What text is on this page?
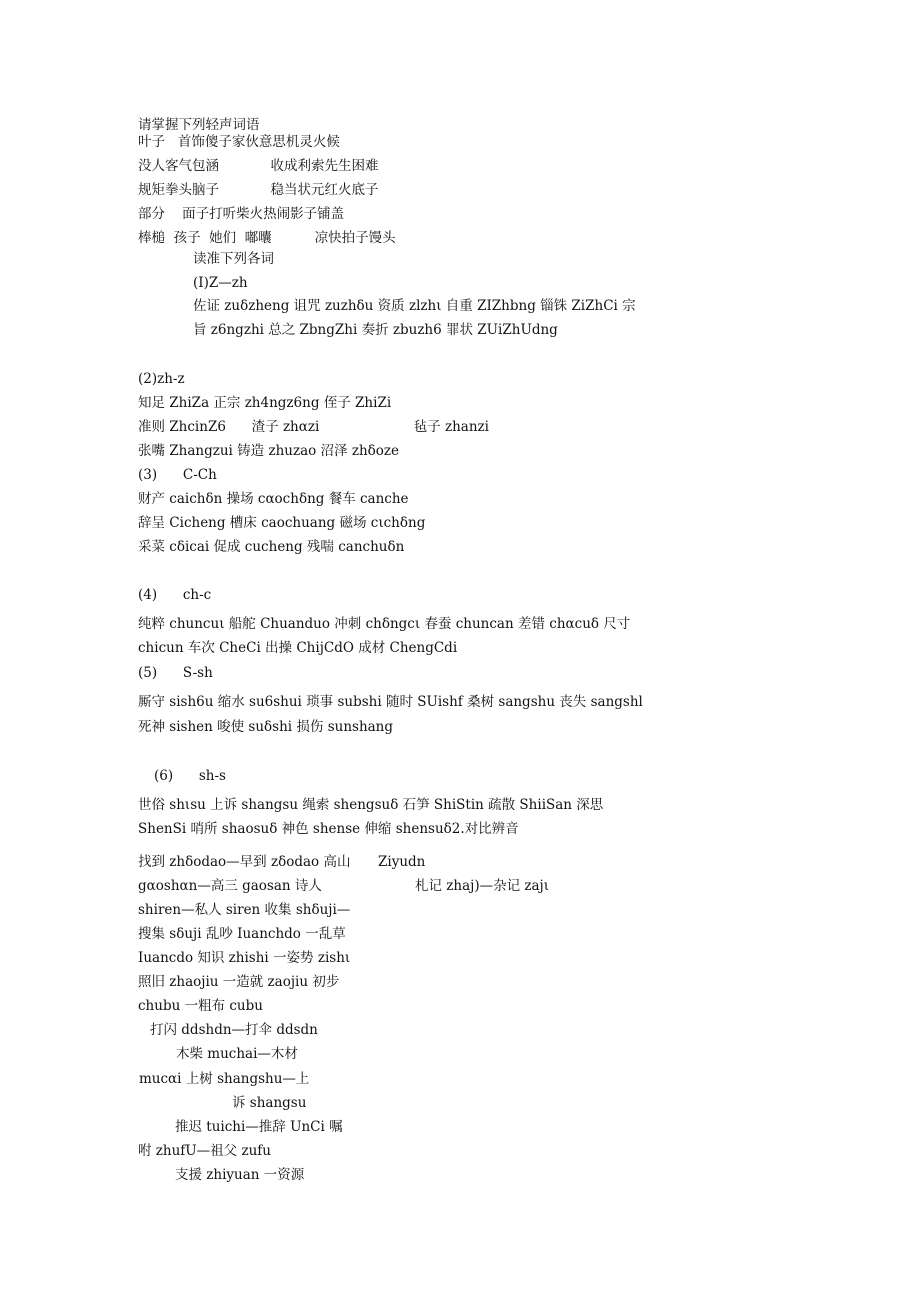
请掌握下列轻声词语
叶子   首饰傻子家伙意思机灵火候
没人客气包涵            收成利索先生困难
规矩拳头脑子            稳当状元红火底子
部分    面子打听柴火热闹影子铺盖
棒槌  孩子  她们  嘟囔          凉快拍子馒头
读准下列各词
(I)Z—zh
佐证 zuδzheng 诅咒 zuzhδu 资质 zlzhι 自重 ZIZhbng 锱铢 ZiZhCi 宗
旨 z6ngzhi 总之 ZbngZhi 奏折 zbuzh6 罪状 ZUiZhUdng
(2)zh-z
知足 ZhiZa 正宗 zh4ngz6ng 侄子 ZhiZi
准则 ZhcinZ6      渣子 zhαzi                      毡子 zhanzi
张嘴 Zhangzui 铸造 zhuzao 沼泽 zhδoze
(3)      C-Ch
财产 caichδn 操场 cαochδng 餐车 canche
辞呈 Cicheng 槽床 caochuang 磁场 cιchδng
采菜 cδicai 促成 cucheng 残喘 canchuδn
(4)      ch-c
纯粹 chuncuι 船舵 Chuanduo 冲刺 chδngcι 春蚕 chuncan 差错 chαcuδ 尺寸
chicun 车次 CheCi 出操 ChijCdO 成材 ChengCdi
(5)      S-sh
厮守 sish6u 缩水 su6shui 琐事 subshi 随时 SUishf 桑树 sangshu 丧失 sangshl
死神 sishen 唆使 suδshi 损伤 sunshang
(6)      sh-s
世俗 shιsu 上诉 shangsu 绳索 shengsuδ 石笋 ShiStin 疏散 ShiiSan 深思
ShenSi 哨所 shaosuδ 神色 shense 伸缩 shensuδ2.对比辨音
找到 zhδodao—早到 zδodao 高山 Ziyudn
gαoshαn—高三 gaosan 诗人	札记 zhaj)—杂记 zajι
shiren—私人 siren 收集 shδuji—
搜集 sδuji 乱吵 Iuanchdo 一乱草
Iuancdo 知识 zhishi 一姿势 zishι
照旧 zhaojiu 一造就 zaojiu 初步
chubu 一粗布 cubu
打闪 ddshdn—打伞 ddsdn
木柴 muchai—木材
mucαi 上树 shangshu—上
诉 shangsu
推迟 tuichi—推辞 UnCi 嘱
咐 zhufU—祖父 zufu
支援 zhiyuan 一资源
